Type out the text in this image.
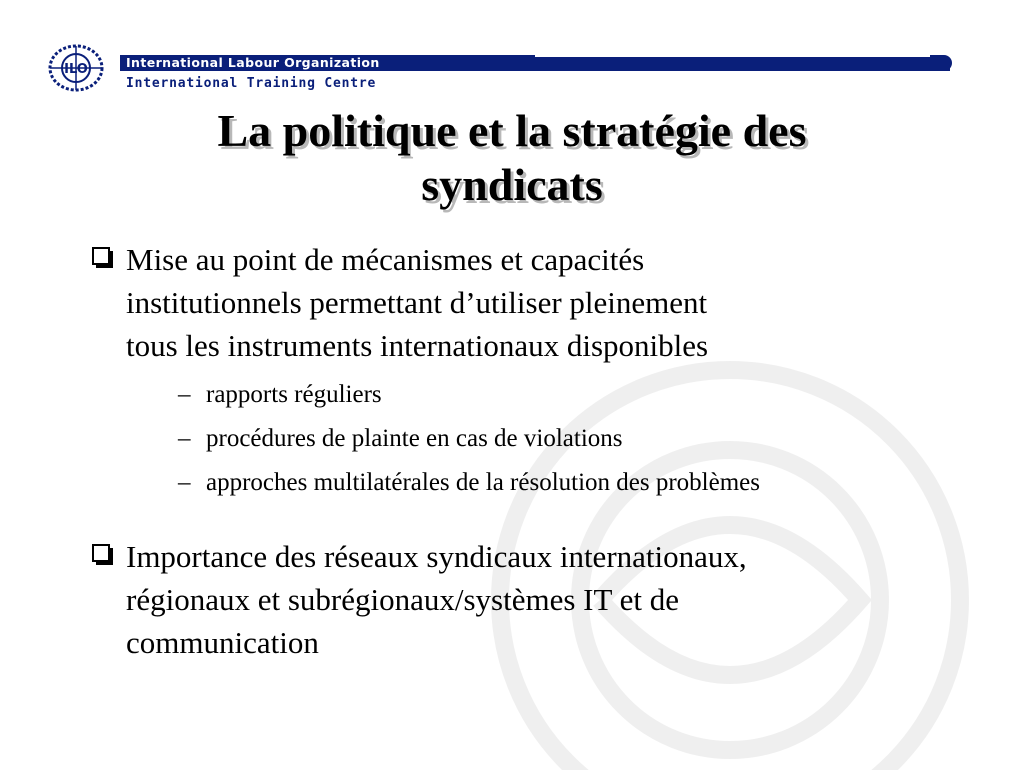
ILO	International Labour Organization
International Training Centre
La politique et la stratégie des
syndicats
Mise au point de mécanismes et capacités
institutionnels permettant d’utiliser pleinement
tous les instruments internationaux disponibles
– rapports réguliers
– procédures de plainte en cas de violations
– approches multilatérales de la résolution des problèmes
Importance des réseaux syndicaux internationaux,
régionaux et subrégionaux/systèmes IT et de
communication
